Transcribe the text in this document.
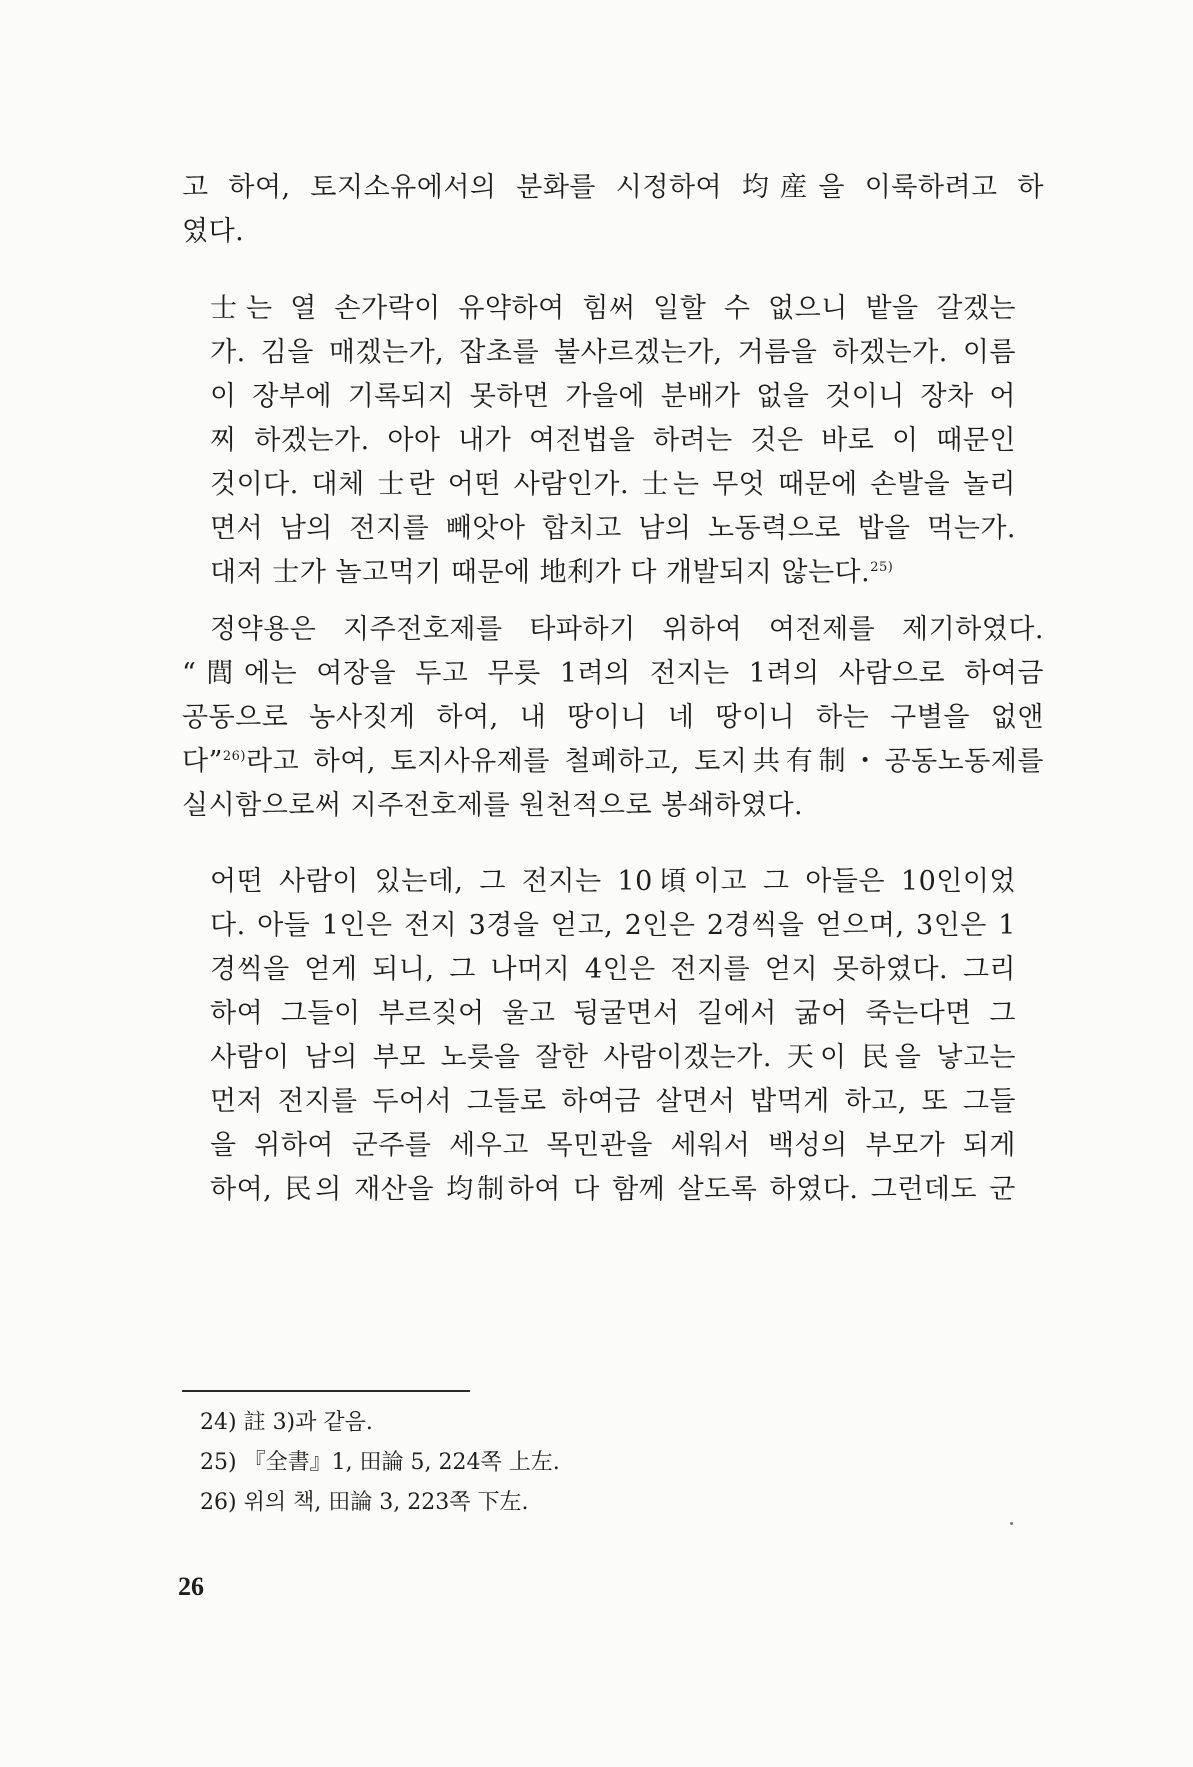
고 하여, 토지소유에서의 분화를 시정하여 均産을 이룩하려고 하
였다.
士는 열 손가락이 유약하여 힘써 일할 수 없으니 밭을 갈겠는
가. 김을 매겠는가, 잡초를 불사르겠는가, 거름을 하겠는가. 이름
이 장부에 기록되지 못하면 가을에 분배가 없을 것이니 장차 어
찌 하겠는가. 아아 내가 여전법을 하려는 것은 바로 이 때문인
것이다. 대체 士란 어떤 사람인가. 士는 무엇 때문에 손발을 놀리
면서 남의 전지를 빼앗아 합치고 남의 노동력으로 밥을 먹는가.
대저 士가 놀고먹기 때문에 地利가 다 개발되지 않는다.$^{25)}$
정약용은 지주전호제를 타파하기 위하여 여전제를 제기하였다.
“閭에는 여장을 두고 무릇 1려의 전지는 1려의 사람으로 하여금
공동으로 농사짓게 하여, 내 땅이니 네 땅이니 하는 구별을 없앤
다”$^{26)}$라고 하여, 토지사유제를 철폐하고, 토지共有制・공동노동제를
실시함으로써 지주전호제를 원천적으로 봉쇄하였다.
어떤 사람이 있는데, 그 전지는 10頃이고 그 아들은 10인이었
다. 아들 1인은 전지 3경을 얻고, 2인은 2경씩을 얻으며, 3인은 1
경씩을 얻게 되니, 그 나머지 4인은 전지를 얻지 못하였다. 그리
하여 그들이 부르짖어 울고 뒹굴면서 길에서 굶어 죽는다면 그
사람이 남의 부모 노릇을 잘한 사람이겠는가. 天이 民을 낳고는
먼저 전지를 두어서 그들로 하여금 살면서 밥먹게 하고, 또 그들
을 위하여 군주를 세우고 목민관을 세워서 백성의 부모가 되게
하여, 民의 재산을 均制하여 다 함께 살도록 하였다. 그런데도 군
24) 註 3)과 같음.
25) 『全書』1, 田論 5, 224쪽 上左.
26) 위의 책, 田論 3, 223쪽 下左.
26
